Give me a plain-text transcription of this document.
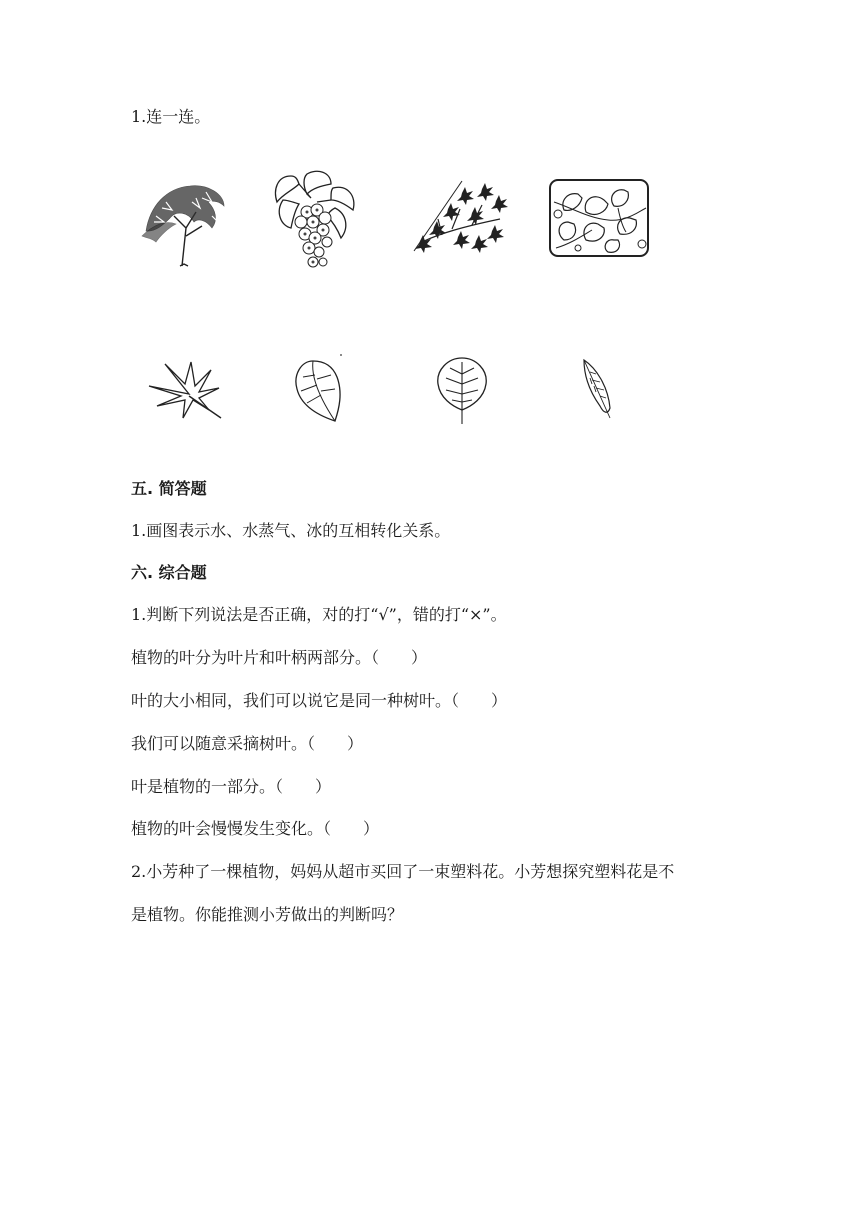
1.连一连。
五. 简答题
1.画图表示水、水蒸气、冰的互相转化关系。
六. 综合题
1.判断下列说法是否正确，对的打“√”，错的打“×”。
植物的叶分为叶片和叶柄两部分。（　　）
叶的大小相同，我们可以说它是同一种树叶。（　　）
我们可以随意采摘树叶。（　　）
叶是植物的一部分。（　　）
植物的叶会慢慢发生变化。（　　）
2.小芳种了一棵植物，妈妈从超市买回了一束塑料花。小芳想探究塑料花是不
是植物。你能推测小芳做出的判断吗？
